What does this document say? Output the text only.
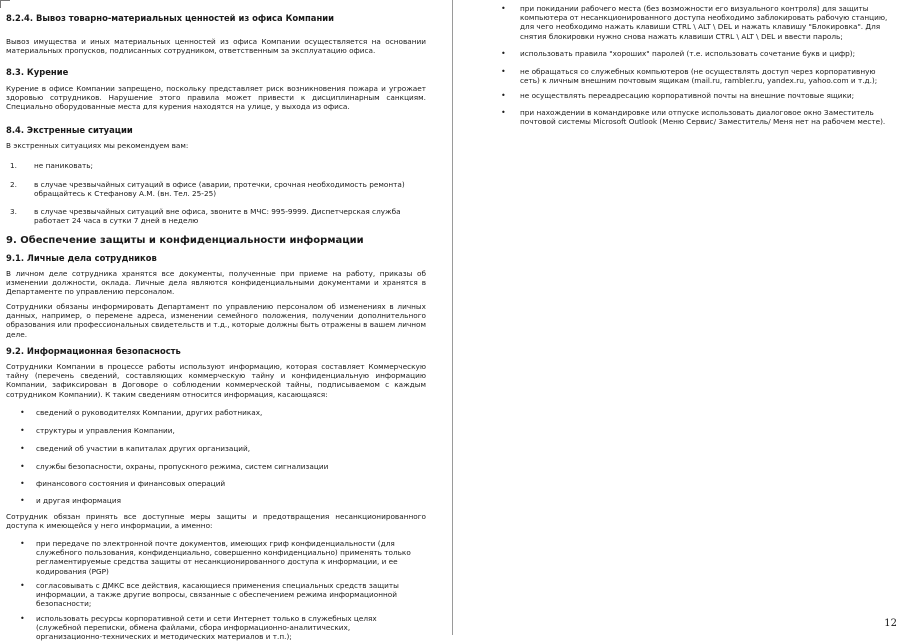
8.2.4. Вывоз товарно-материальных ценностей из офиса Компании
Вывоз имущества и иных материальных ценностей из офиса Компании осуществляется на основании материальных пропусков, подписанных сотрудником, ответственным за эксплуатацию офиса.
8.3. Курение
Курение в офисе Компании запрещено, поскольку представляет риск возникновения пожара и угрожает здоровью сотрудников. Нарушение этого правила может привести к дисциплинарным санкциям. Специально оборудованные места для курения находятся на улице, у выхода из офиса.
8.4. Экстренные ситуации
В экстренных ситуациях мы рекомендуем вам:
1. не паниковать;
2. в случае чрезвычайных ситуаций в офисе (аварии, протечки, срочная необходимость ремонта) обращайтесь к Стефанову А.М. (вн. Тел. 25-25)
3. в случае чрезвычайных ситуаций вне офиса, звоните в МЧС: 995-9999. Диспетчерская служба работает 24 часа в сутки 7 дней в неделю
9. Обеспечение защиты и конфиденциальности информации
9.1. Личные дела сотрудников
В личном деле сотрудника хранятся все документы, полученные при приеме на работу, приказы об изменении должности, оклада. Личные дела являются конфиденциальными документами и хранятся в Департаменте по управлению персоналом.
Сотрудники обязаны информировать Департамент по управлению персоналом об изменениях в личных данных, например, о перемене адреса, изменении семейного положения, получении дополнительного образования или профессиональных свидетельств и т.д., которые должны быть отражены в вашем личном деле.
9.2. Информационная безопасность
Сотрудники Компании в процессе работы используют информацию, которая составляет Коммерческую тайну (перечень сведений, составляющих коммерческую тайну и конфиденциальную информацию Компании, зафиксирован в Договоре о соблюдении коммерческой тайны, подписываемом с каждым сотрудником Компании). К таким сведениям относится информация, касающаяся:
• сведений о руководителях Компании, других работниках,
• структуры и управления Компании,
• сведений об участии в капиталах других организаций,
• службы безопасности, охраны, пропускного режима, систем сигнализации
• финансового состояния и финансовых операций
• и другая информация
Сотрудник обязан принять все доступные меры защиты и предотвращения несанкционированного доступа к имеющейся у него информации, а именно:
• при передаче по электронной почте документов, имеющих гриф конфиденциальности (для служебного пользования, конфиденциально, совершенно конфиденциально) применять только регламентируемые средства защиты от несанкционированного доступа к информации, и ее кодирования (PGP)
• согласовывать с ДМКС все действия, касающиеся применения специальных средств защиты информации, а также другие вопросы, связанные с обеспечением режима информационной безопасности;
• использовать ресурсы корпоративной сети и сети Интернет только в служебных целях (служебной переписки, обмена файлами, сбора информационно-аналитических, организационно-технических и методических материалов и т.п.);
• при покидании рабочего места (без возможности его визуального контроля) для защиты компьютера от несанкционированного доступа необходимо заблокировать рабочую станцию, для чего необходимо нажать клавиши CTRL \ ALT \ DEL и нажать клавишу "Блокировка". Для снятия блокировки нужно снова нажать клавиши CTRL \ ALT \ DEL и ввести пароль;
• использовать правила "хороших" паролей (т.е. использовать сочетание букв и цифр);
• не обращаться со служебных компьютеров (не осуществлять доступ через корпоративную сеть) к личным внешним почтовым ящикам (mail.ru, rambler.ru, yandex.ru, yahoo.com и т.д.);
• не осуществлять переадресацию корпоративной почты на внешние почтовые ящики;
• при нахождении в командировке или отпуске использовать диалоговое окно Заместитель почтовой системы Microsoft Outlook (Меню Сервис/ Заместитель/ Меня нет на рабочем месте).
12
